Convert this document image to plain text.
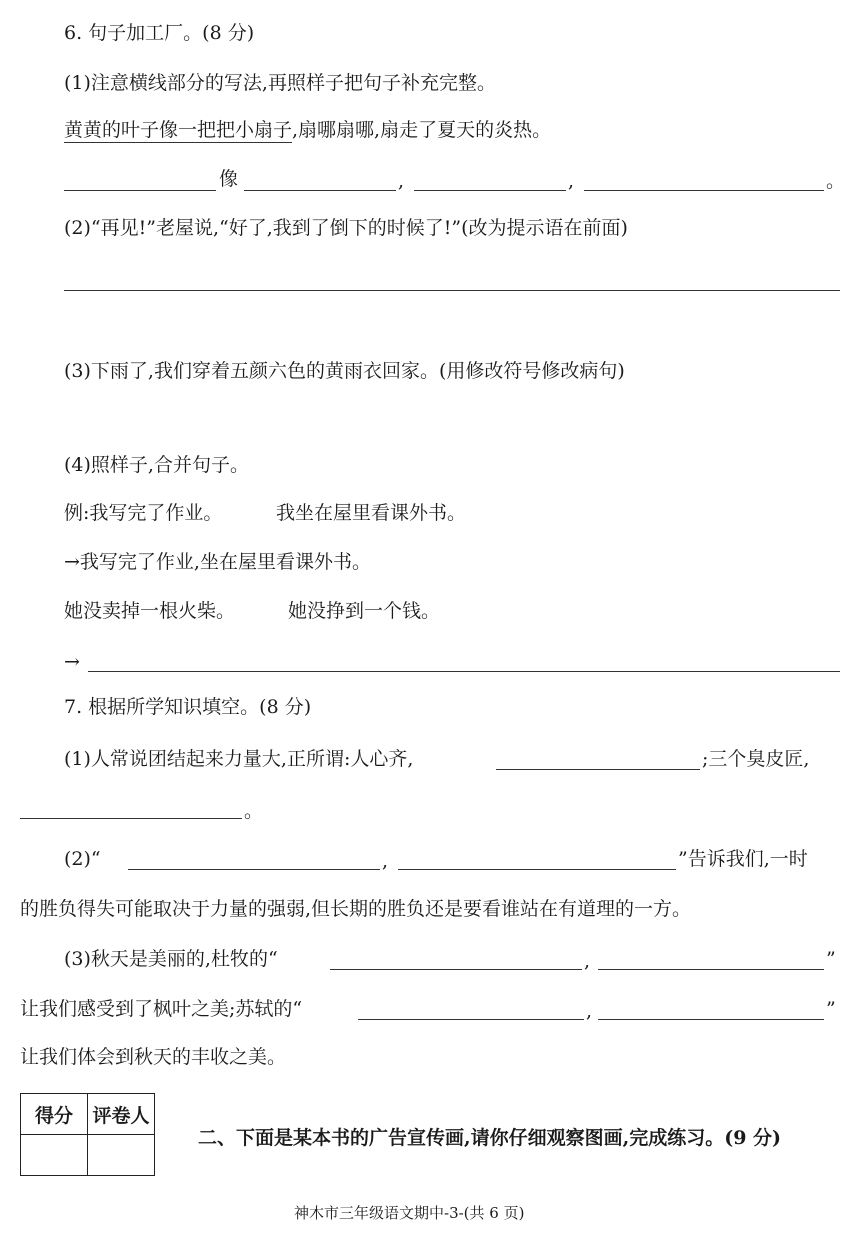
6. 句子加工厂。(8 分)
(1)注意横线部分的写法,再照样子把句子补充完整。
黄黄的叶子像一把把小扇子,扇哪扇哪,扇走了夏天的炎热。
像	,	,	。
(2)“再见!”老屋说,“好了,我到了倒下的时候了!”(改为提示语在前面)
(3)下雨了,我们穿着五颜六色的黄雨衣回家。(用修改符号修改病句)
(4)照样子,合并句子。
例:我写完了作业。	我坐在屋里看课外书。
→我写完了作业,坐在屋里看课外书。
她没卖掉一根火柴。	她没挣到一个钱。
→
7. 根据所学知识填空。(8 分)
(1)人常说团结起来力量大,正所谓:人心齐,	;三个臭皮匠,
。
(2)“	,	”告诉我们,一时
的胜负得失可能取决于力量的强弱,但长期的胜负还是要看谁站在有道理的一方。
(3)秋天是美丽的,杜牧的“	,	”
让我们感受到了枫叶之美;苏轼的“	,	”
让我们体会到秋天的丰收之美。
得分	评卷人

二、下面是某本书的广告宣传画,请你仔细观察图画,完成练习。(9 分)
神木市三年级语文期中-3-(共 6 页)
